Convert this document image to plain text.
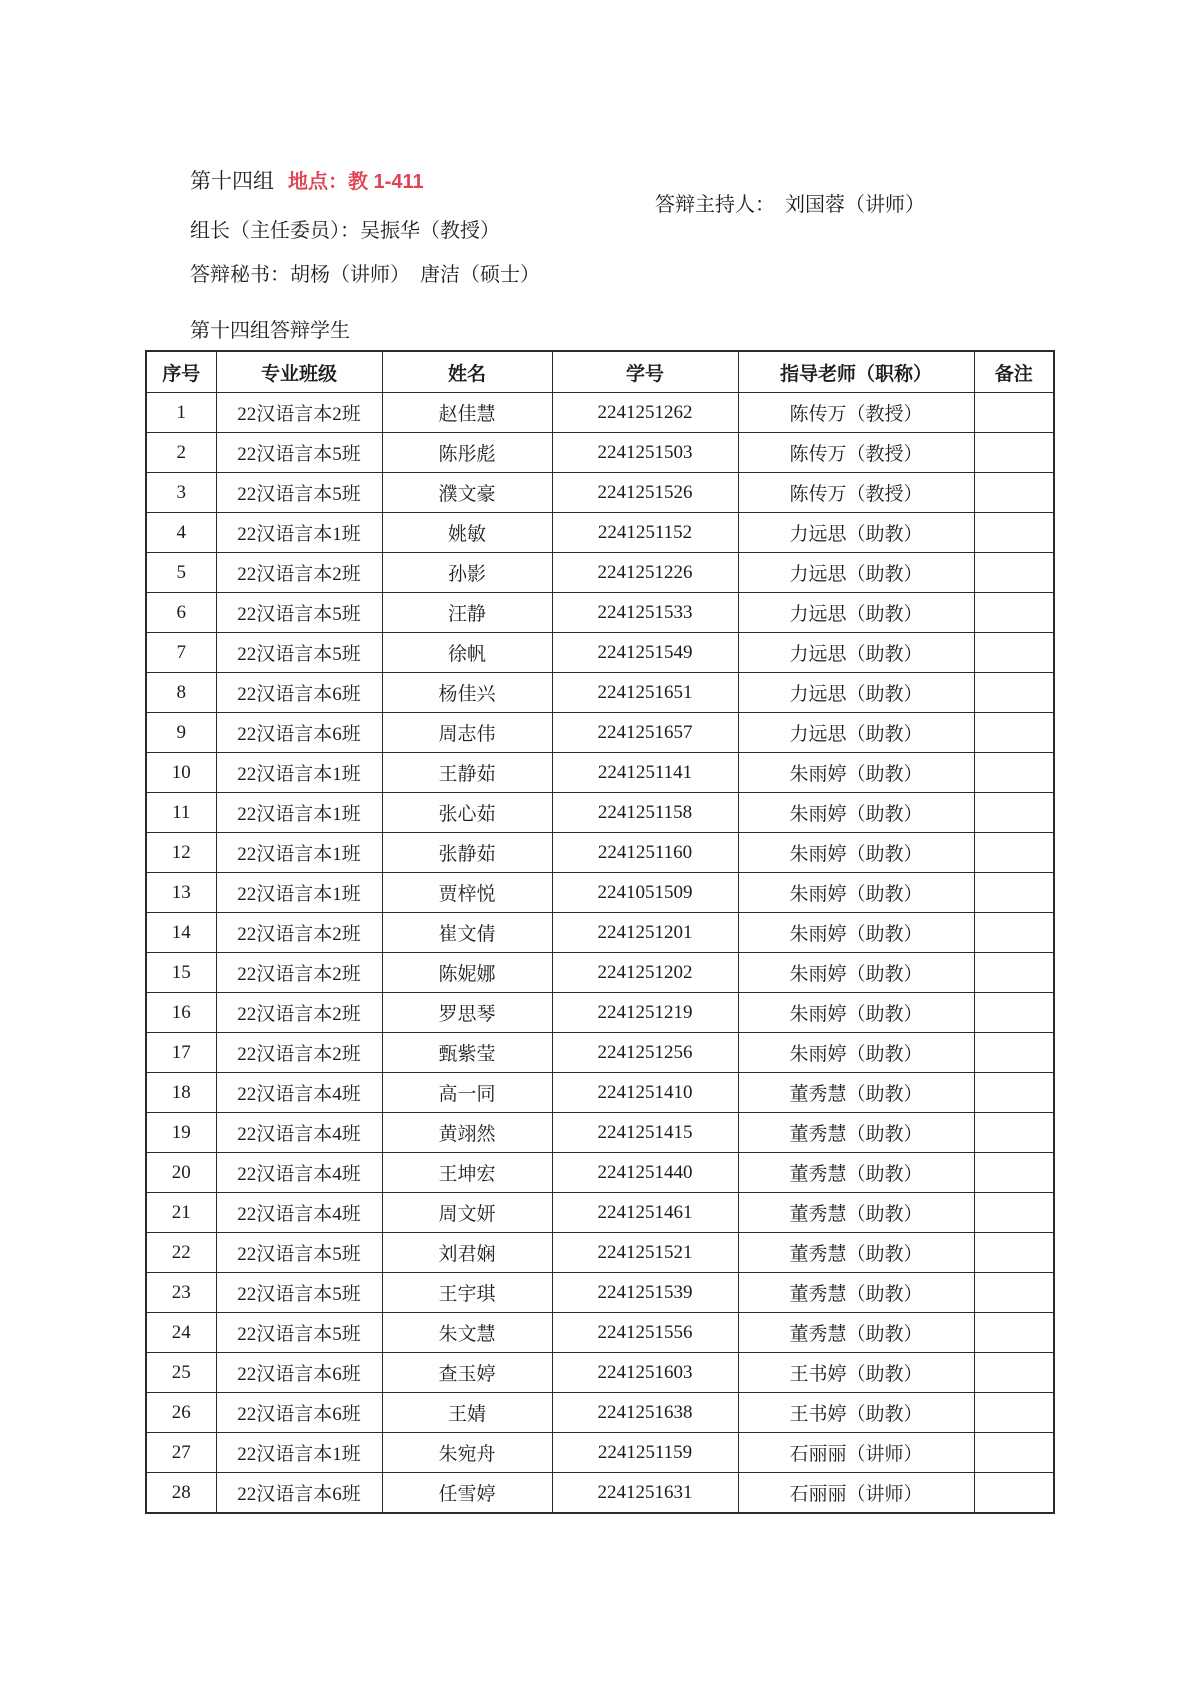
第十四组 地点：教 1-411

组长（主任委员）：吴振华（教授）

答辩主持人：  刘国蓉（讲师）

答辩秘书：胡杨（讲师）  唐洁（硕士）

第十四组答辩学生

序号	专业班级	姓名	学号	指导老师（职称）	备注
1	22汉语言本2班	赵佳慧	2241251262	陈传万（教授）	
2	22汉语言本5班	陈彤彪	2241251503	陈传万（教授）	
3	22汉语言本5班	濮文豪	2241251526	陈传万（教授）	
4	22汉语言本1班	姚敏	2241251152	力远思（助教）	
5	22汉语言本2班	孙影	2241251226	力远思（助教）	
6	22汉语言本5班	汪静	2241251533	力远思（助教）	
7	22汉语言本5班	徐帆	2241251549	力远思（助教）	
8	22汉语言本6班	杨佳兴	2241251651	力远思（助教）	
9	22汉语言本6班	周志伟	2241251657	力远思（助教）	
10	22汉语言本1班	王静茹	2241251141	朱雨婷（助教）	
11	22汉语言本1班	张心茹	2241251158	朱雨婷（助教）	
12	22汉语言本1班	张静茹	2241251160	朱雨婷（助教）	
13	22汉语言本1班	贾梓悦	2241051509	朱雨婷（助教）	
14	22汉语言本2班	崔文倩	2241251201	朱雨婷（助教）	
15	22汉语言本2班	陈妮娜	2241251202	朱雨婷（助教）	
16	22汉语言本2班	罗思琴	2241251219	朱雨婷（助教）	
17	22汉语言本2班	甄紫莹	2241251256	朱雨婷（助教）	
18	22汉语言本4班	高一同	2241251410	董秀慧（助教）	
19	22汉语言本4班	黄翊然	2241251415	董秀慧（助教）	
20	22汉语言本4班	王坤宏	2241251440	董秀慧（助教）	
21	22汉语言本4班	周文妍	2241251461	董秀慧（助教）	
22	22汉语言本5班	刘君娴	2241251521	董秀慧（助教）	
23	22汉语言本5班	王宇琪	2241251539	董秀慧（助教）	
24	22汉语言本5班	朱文慧	2241251556	董秀慧（助教）	
25	22汉语言本6班	查玉婷	2241251603	王书婷（助教）	
26	22汉语言本6班	王婧	2241251638	王书婷（助教）	
27	22汉语言本1班	朱宛舟	2241251159	石丽丽（讲师）	
28	22汉语言本6班	任雪婷	2241251631	石丽丽（讲师）	
